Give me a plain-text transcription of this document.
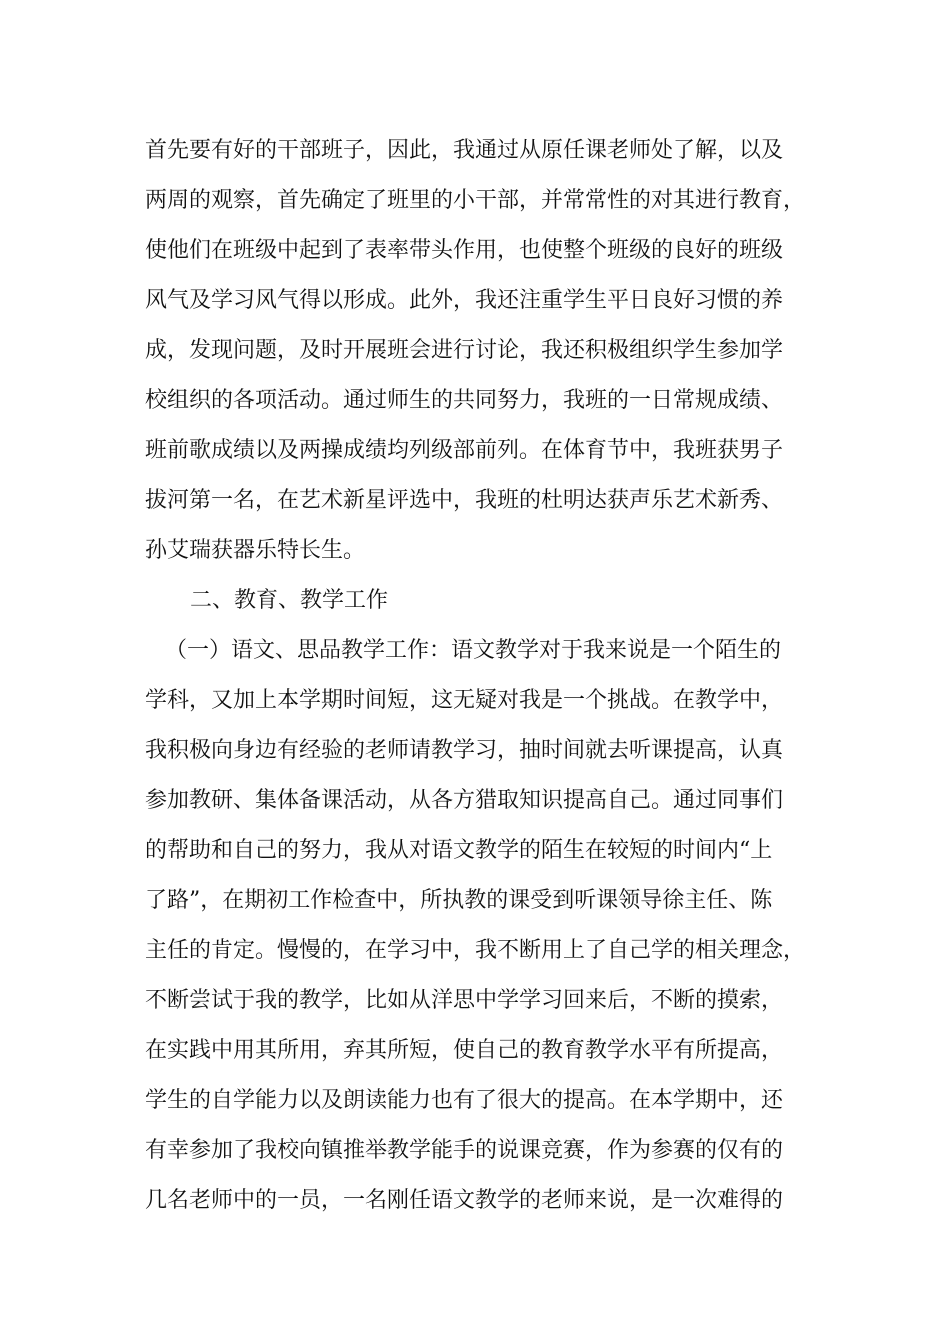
首先要有好的干部班子，因此，我通过从原任课老师处了解，以及

两周的观察，首先确定了班里的小干部，并常常性的对其进行教育，

使他们在班级中起到了表率带头作用，也使整个班级的良好的班级

风气及学习风气得以形成。此外，我还注重学生平日良好习惯的养

成，发现问题，及时开展班会进行讨论，我还积极组织学生参加学

校组织的各项活动。通过师生的共同努力，我班的一日常规成绩、

班前歌成绩以及两操成绩均列级部前列。在体育节中，我班获男子

拔河第一名，在艺术新星评选中，我班的杜明达获声乐艺术新秀、

孙艾瑞获器乐特长生。

二、教育、教学工作

（一）语文、思品教学工作：语文教学对于我来说是一个陌生的

学科，又加上本学期时间短，这无疑对我是一个挑战。在教学中，

我积极向身边有经验的老师请教学习，抽时间就去听课提高，认真

参加教研、集体备课活动，从各方猎取知识提高自己。通过同事们

的帮助和自己的努力，我从对语文教学的陌生在较短的时间内“上

了路”，在期初工作检查中，所执教的课受到听课领导徐主任、陈

主任的肯定。慢慢的，在学习中，我不断用上了自己学的相关理念，

不断尝试于我的教学，比如从洋思中学学习回来后，不断的摸索，

在实践中用其所用，弃其所短，使自己的教育教学水平有所提高，

学生的自学能力以及朗读能力也有了很大的提高。在本学期中，还

有幸参加了我校向镇推举教学能手的说课竞赛，作为参赛的仅有的

几名老师中的一员，一名刚任语文教学的老师来说，是一次难得的
